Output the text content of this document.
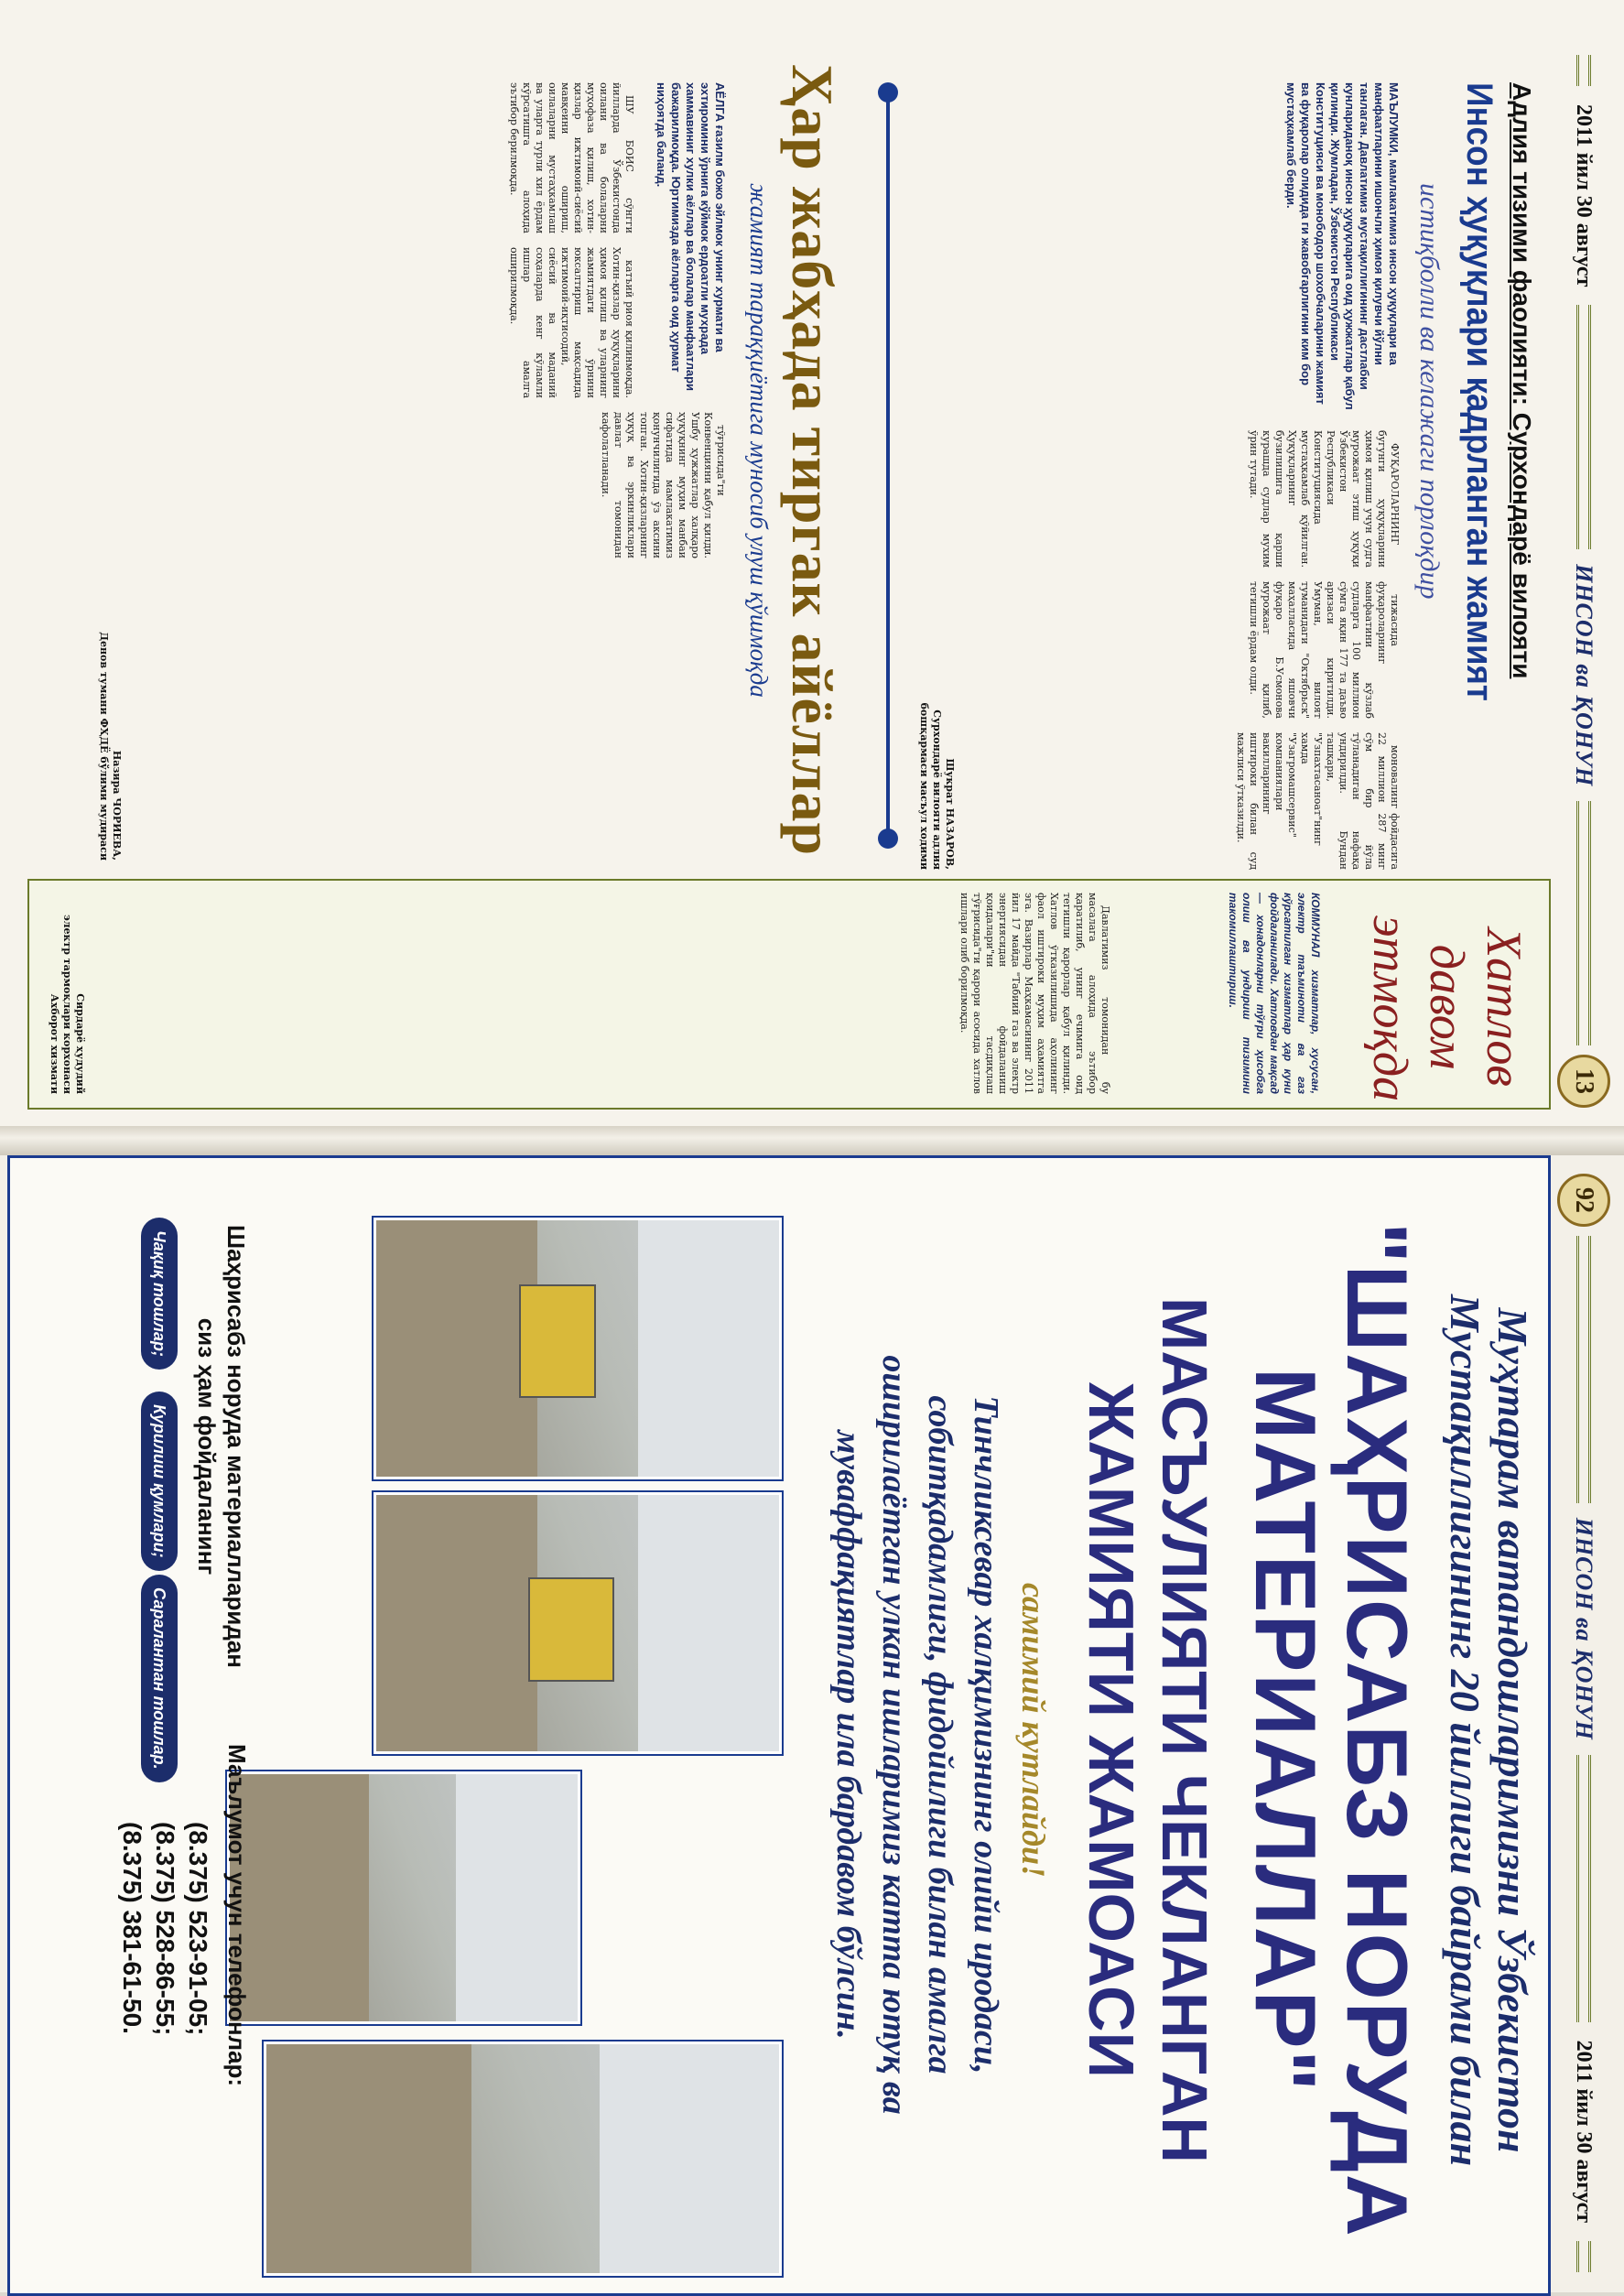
2011 йил 30 август
ИНСОН ва ҚОНУН
13
Адлия тизими фаолияти: Сурхондарё вилояти
Инсон ҳуқуқлари қадрланган жамият
истиқболли ва келажаги порлоқдир
МАЪЛУМКИ, мамлакатимиз инсон ҳуқуқлари ва манфаатларини ишончли ҳимоя қилувчи йўлни танлаган. Давлатимиз мустақиллигининг дастлабки кунлариданоқ инсон ҳуқуқларига оид ҳужжатлар қабул қилинди. Жумладан, Ўзбекистон Республикаси Конституцияси ва монободор шохобчаларини жамият ва фуқаролар олидида ги жавобгарлигини ким бор мустаҳкамлаб берди.

ФУҚАРОЛАРНИНГ бугунги ҳуқуқларини ҳимоя қилиш учун судга мурожаат этиш ҳуқуқи Ўзбекистон Республикаси Конституциясида мустаҳкамлаб қўйилган. Ҳуқуқларнинг бузилишига қарши курашда судлар мухим ўрин тутади.

тижасида фуқароларнинг манфаатини кўзлаб судларга 100 миллион сўмга яқин 177 та даъво аризаси киритилди. Умуман, вилоят туманидаги "Октябрьск" маҳалласида яшовчи фуқаро Б.Усмонова мурожаат қилиб, тегишли ёрдам олди.

моновалинг фойдасига 22 миллион 287 минг сўм бир йўла тўланадиган нафақа ундирилди. Бундан ташқари, "Узпахтасаноат"нинг хамда "Узагромашсервис" компаниялари вакилларининг иштироки билан суд мажлиси ўтказилди.

Шукрат НАЗАРОВ,
Сурхондарё вилояти адлия бошқармаси масъул ходими
Ҳар жабҳада тиргак айёллар
жамият тараққиётига муносиб улуш қўшмоқда
АЁЛГА ғазилм божо эйлмок унинг хурмати ва эхтиромини ўрнига кўймок ердоатли мухрада хаммавиниг хулки аёллар ва болалар манфаатлари бажарилмоқда. Юртимизда аёлларга оид ҳурмат ниҳоятда баланд.

ШУ БОИС сўнгги йилларда Ўзбекистонда оилани ва болаларни муҳофаза қилиш, хотин-қизлар ижтимоий-сиёсий мавқеини ошириш, оилаларни мустаҳкамлаш ва уларга турли хил ёрдам кўрсатишга алоҳида эътибор берилмоқда.

катъий риоя қилинмоқда. Хотин-қизлар ҳуқуқларини ҳимоя қилиш ва уларнинг жамиятдаги ўрнини юксалтириш мақсадида ижтимоий-иқтисодий, сиёсий ва маданий соҳаларда кенг кўламли ишлар амалга оширилмоқда.

тўғрисида"ги Конвенцияни қабул қилди. Ушбу ҳужжатлар халқаро ҳуқуқнинг муҳим манбаи сифатида мамлакатимиз қонунчилигида ўз аксини топган. Хотин-қизларнинг ҳуқуқ ва эркинликлари давлат томонидан кафолатланади.

Назира ЧОРИЕВА,
Денов тумани ФҲДЁ бўлими мудираси
Хатлов давом этмоқда
КОММУНАЛ хизматлар, хусусан, электр таъминоти ва газ кўрсатилган хизматлар ҳар куни фойдаланилади. Хатловдан мақсад — хонадонларни тўғри ҳисобга олиш ва ундириш тизимини такомиллаштириш.

Давлатимиз томонидан бу масалага алоҳида эътибор қаратилиб, унинг ечимига оид тегишли қарорлар қабул қилинди. Хатлов ўтказилишида аҳолининг фаол иштироки муҳим аҳамиятга эга. Вазирлар Маҳкамасининг 2011 йил 17 майда "Табиий газ ва электр энергиясидан фойдаланиш қоидалари"ни тасдиқлаш тўғрисида"ги қарори асосида хатлов ишлари олиб борилмоқда.

Сирдарё ҳудудий
электр тармоқлари корхонаси Ахборот хизмати
92
ИНСОН ва ҚОНУН
2011 йил 30 август
Муҳтарам ватандошларимизни Ўзбекистон
Мустақиллигининг 20 йиллиги байрами билан
"ШАҲРИСАБЗ НОРУДА
МАТЕРИАЛЛАР"
МАСЪУЛИЯТИ ЧЕКЛАНГАН
ЖАМИЯТИ ЖАМОАСИ
самимий кутлайди!
Тинчликсевар халқимизнинг олийи иродаси,
собитқадамлиги, фидойилиги билан амалга
оширилаётган улкан ишларимиз катта ютуқ ва
муваффақиятлар ила бардавом бўлсин.
Шаҳрисабз норуда материалларидан
сиз ҳам фойдаланинг
Чақиқ тошлар;
Курилиш қумлари;
Саралантан тошлар.
Маълумот учун телефонлар:
(8.375) 523-91-05;
(8.375) 528-86-55;
(8.375) 381-61-50.
